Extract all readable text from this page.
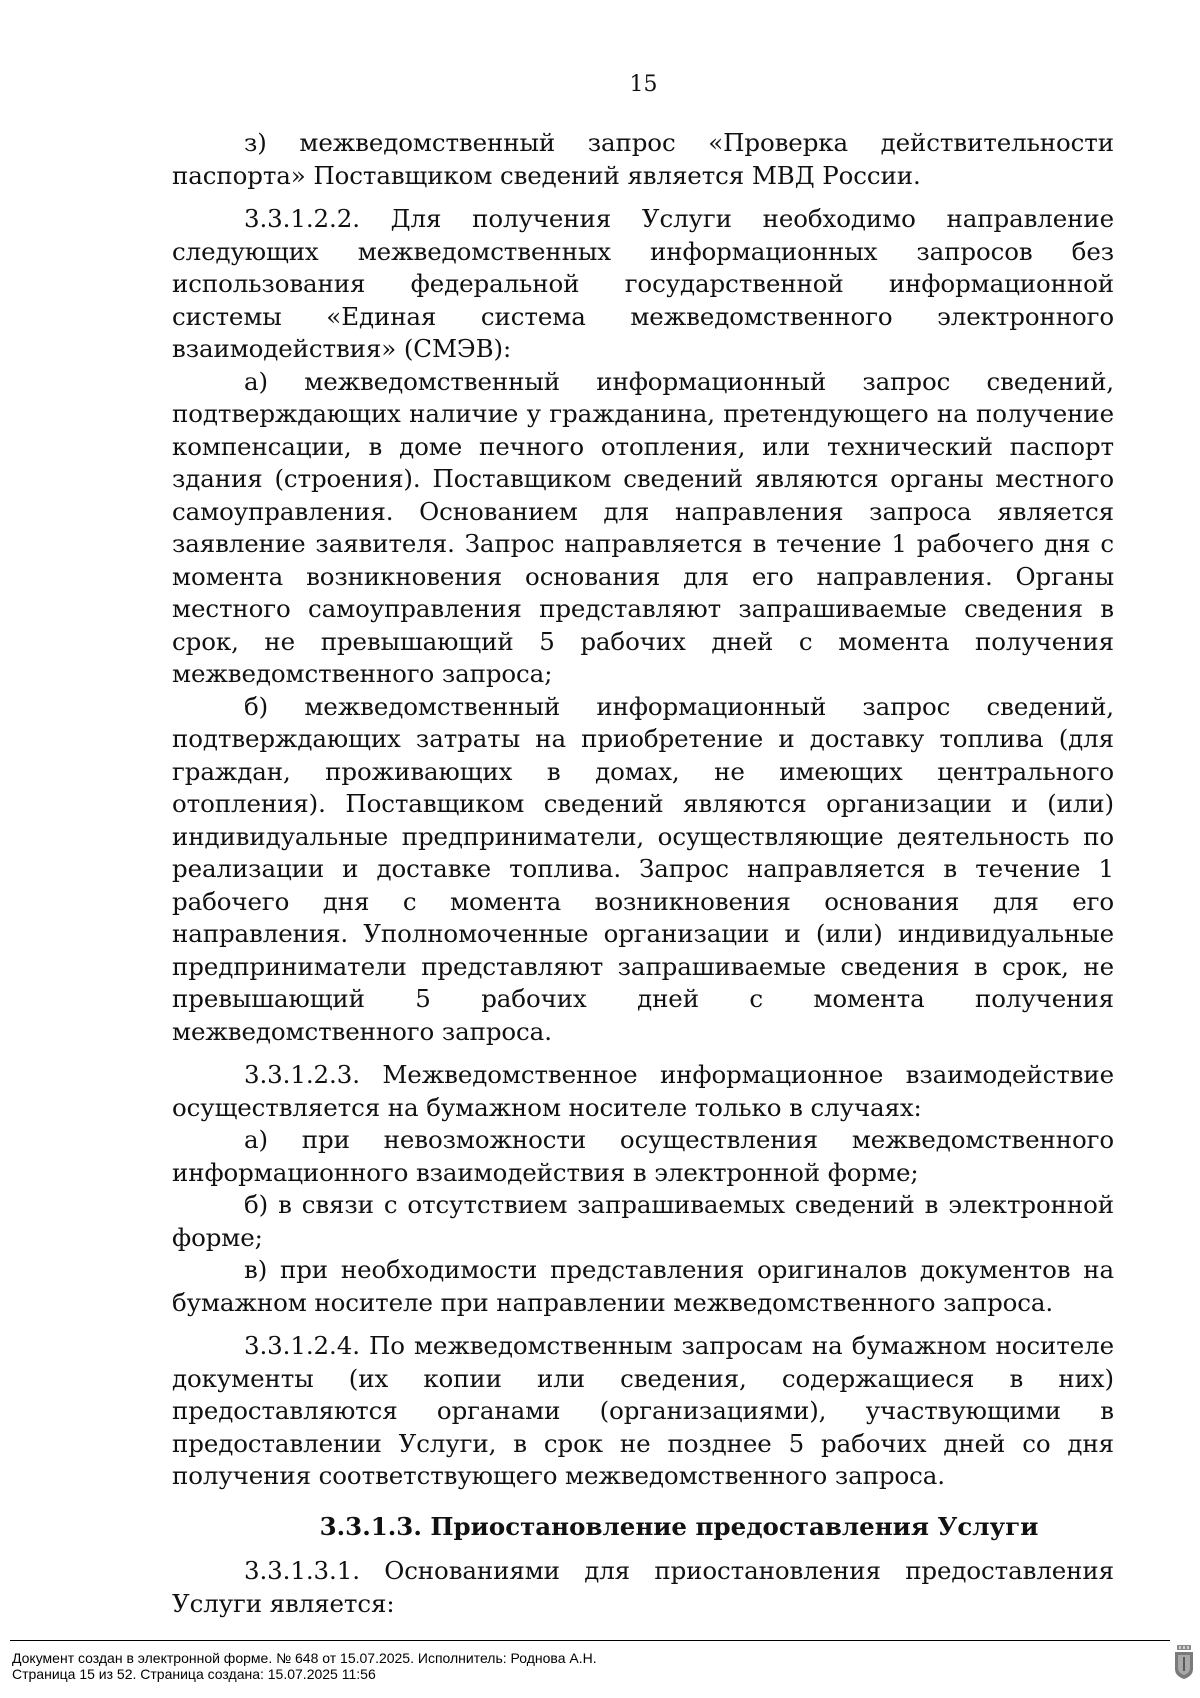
15

з) межведомственный запрос «Проверка действительности паспорта» Поставщиком сведений является МВД России.

3.3.1.2.2. Для получения Услуги необходимо направление следующих межведомственных информационных запросов без использования федеральной государственной информационной системы «Единая система межведомственного электронного взаимодействия» (СМЭВ):

а) межведомственный информационный запрос сведений, подтверждающих наличие у гражданина, претендующего на получение компенсации, в доме печного отопления, или технический паспорт здания (строения). Поставщиком сведений являются органы местного самоуправления. Основанием для направления запроса является заявление заявителя. Запрос направляется в течение 1 рабочего дня с момента возникновения основания для его направления. Органы местного самоуправления представляют запрашиваемые сведения в срок, не превышающий 5 рабочих дней с момента получения межведомственного запроса;

б) межведомственный информационный запрос сведений, подтверждающих затраты на приобретение и доставку топлива (для граждан, проживающих в домах, не имеющих центрального отопления). Поставщиком сведений являются организации и (или) индивидуальные предприниматели, осуществляющие деятельность по реализации и доставке топлива. Запрос направляется в течение 1 рабочего дня с момента возникновения основания для его направления. Уполномоченные организации и (или) индивидуальные предприниматели представляют запрашиваемые сведения в срок, не превышающий 5 рабочих дней с момента получения межведомственного запроса.

3.3.1.2.3. Межведомственное информационное взаимодействие осуществляется на бумажном носителе только в случаях:

а) при невозможности осуществления межведомственного информационного взаимодействия в электронной форме;

б) в связи с отсутствием запрашиваемых сведений в электронной форме;

в) при необходимости представления оригиналов документов на бумажном носителе при направлении межведомственного запроса.

3.3.1.2.4. По межведомственным запросам на бумажном носителе документы (их копии или сведения, содержащиеся в них) предоставляются органами (организациями), участвующими в предоставлении Услуги, в срок не позднее 5 рабочих дней со дня получения соответствующего межведомственного запроса.

3.3.1.3. Приостановление предоставления Услуги

3.3.1.3.1. Основаниями для приостановления предоставления Услуги является:

Документ создан в электронной форме. № 648 от 15.07.2025. Исполнитель: Роднова А.Н.
Страница 15 из 52. Страница создана: 15.07.2025 11:56
